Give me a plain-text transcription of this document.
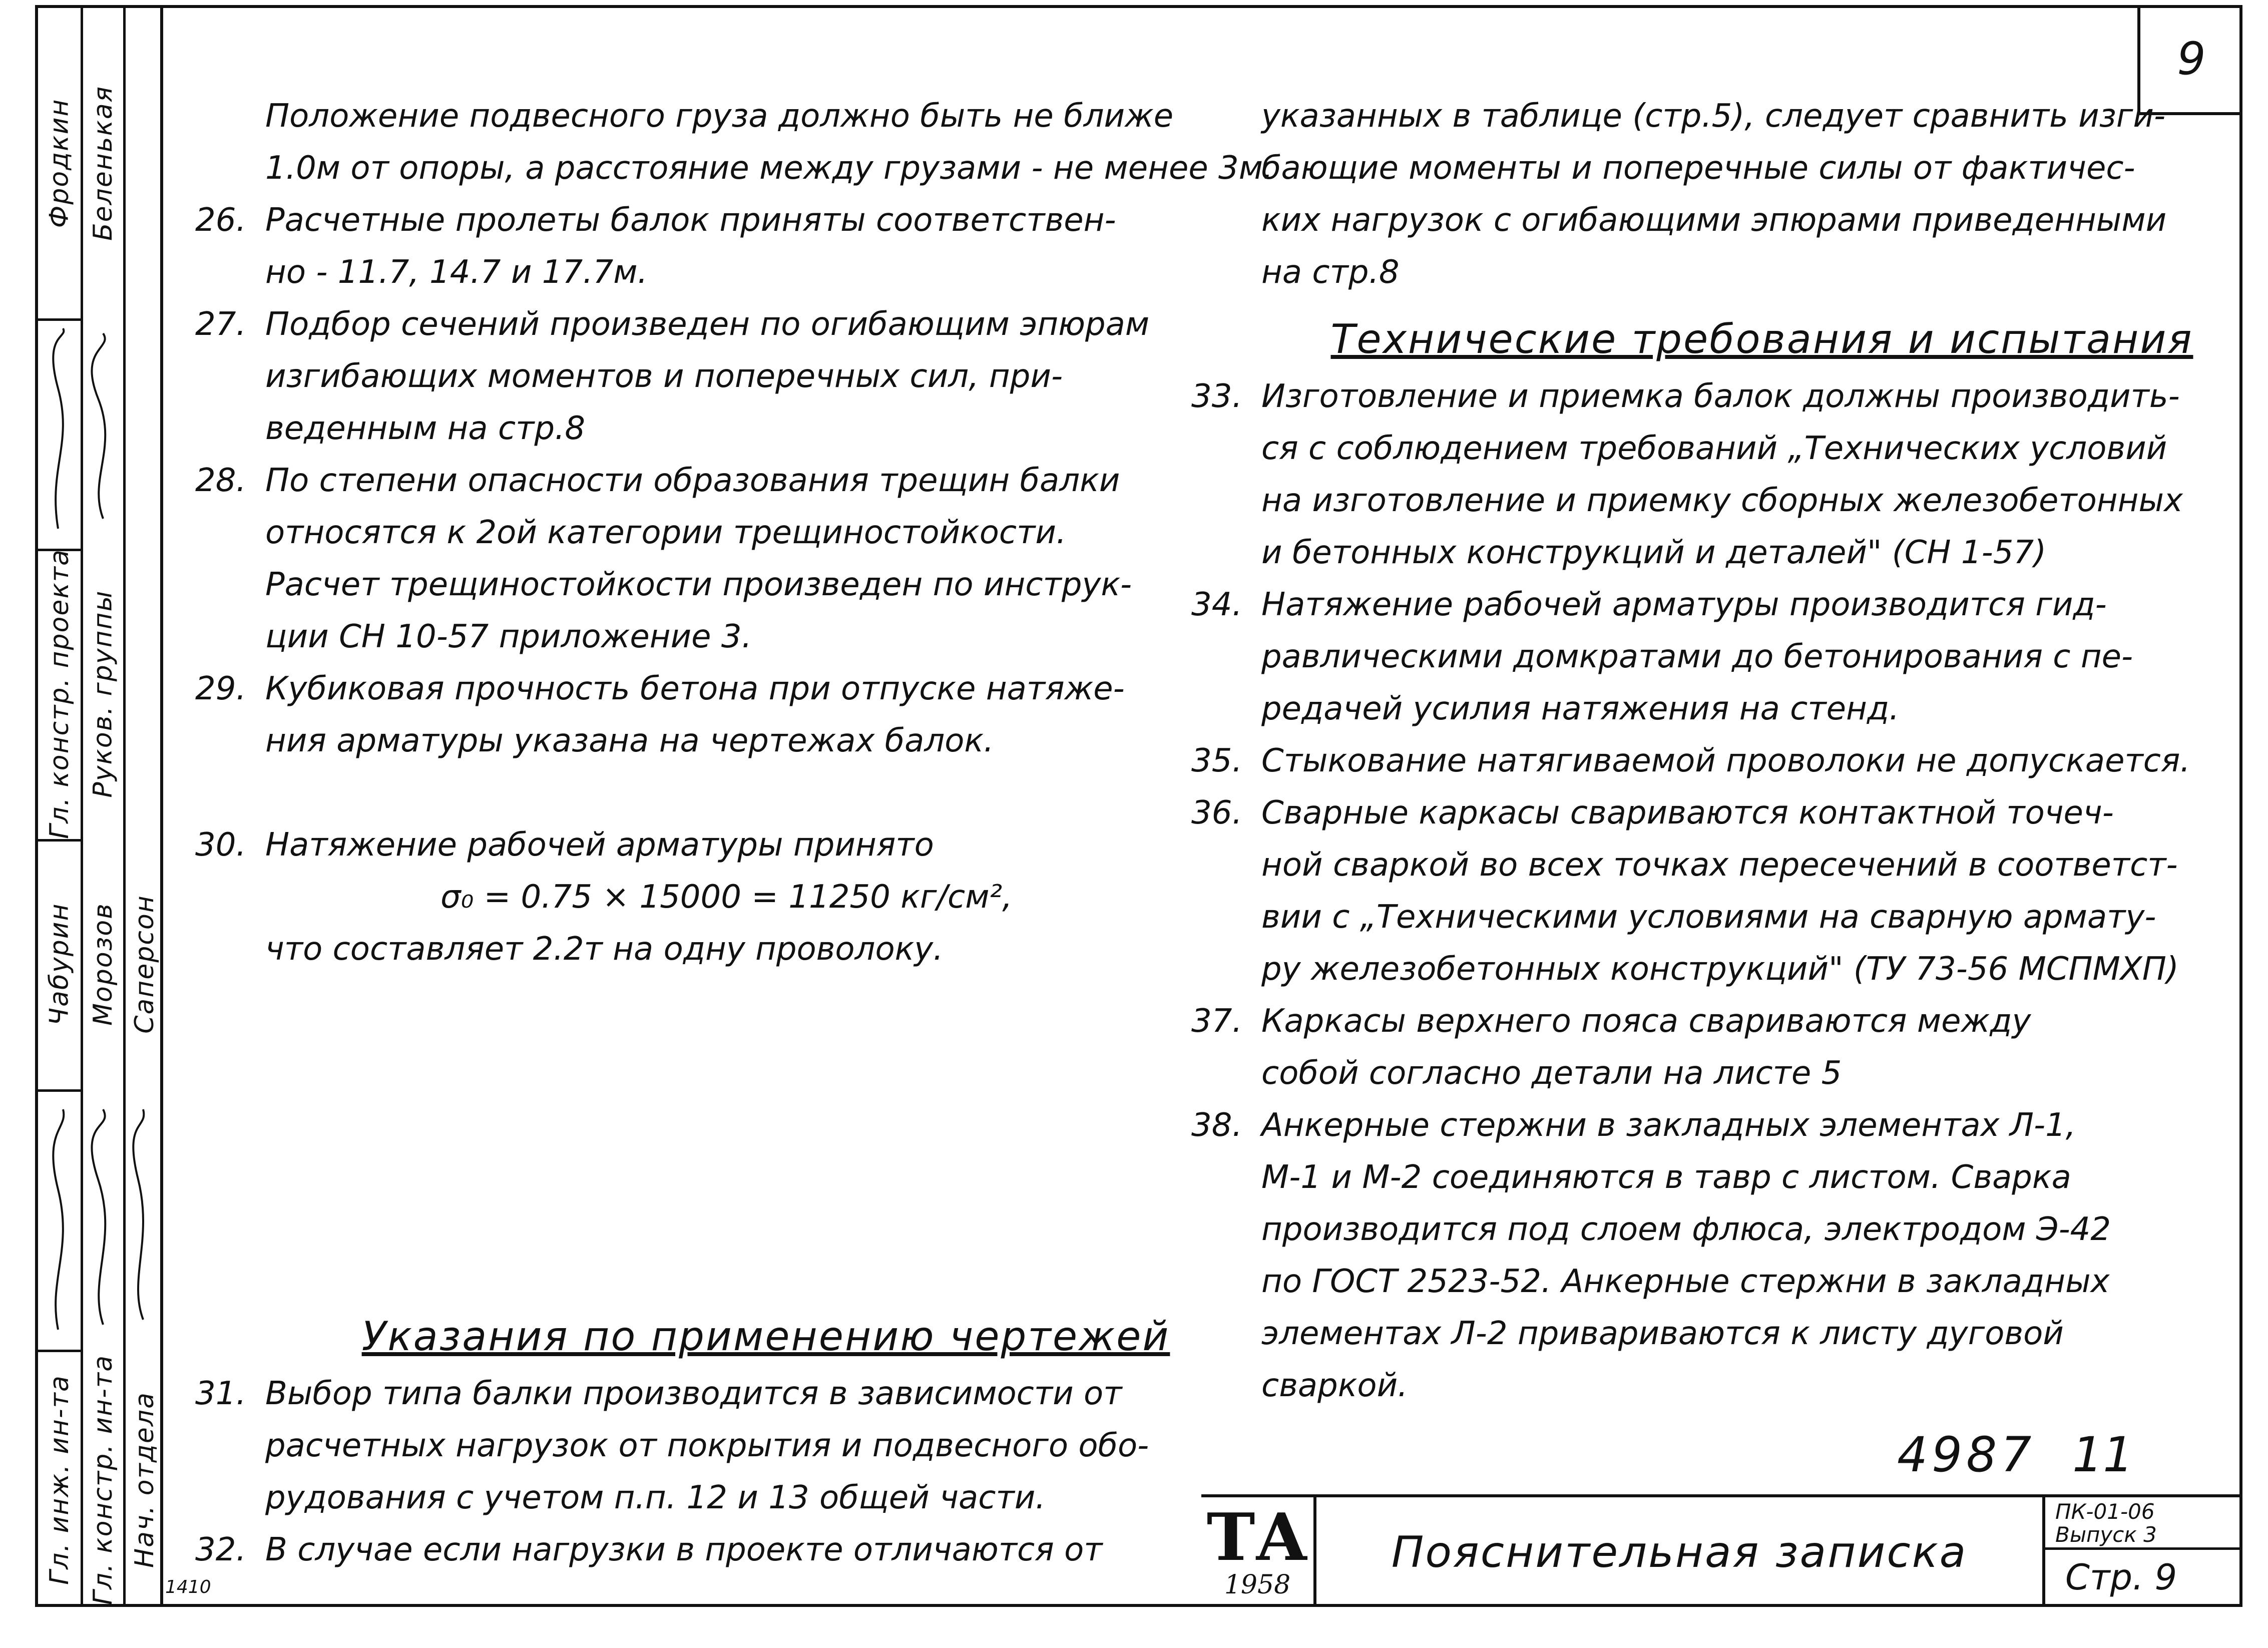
Фродкин
Гл. констр. проекта
Чабурин
Гл. инж. ин-та
Беленькая
Руков. группы
Морозов
Гл. констр. ин-та
Саперсон
Нач. отдела
9
Положение подвесного груза должно быть не ближе
1.0м от опоры, а расстояние между грузами - не менее 3м.
26. Расчетные пролеты балок приняты соответствен-
но - 11.7, 14.7 и 17.7м.
27. Подбор сечений произведен по огибающим эпюрам
изгибающих моментов и поперечных сил, при-
веденным на стр.8
28. По степени опасности образования трещин балки
относятся к 2ой категории трещиностойкости.
Расчет трещиностойкости произведен по инструк-
ции СН 10-57 приложение 3.
29. Кубиковая прочность бетона при отпуске натяже-
ния арматуры указана на чертежах балок.

30. Натяжение рабочей арматуры принято
σ₀ = 0.75 × 15000 = 11250 кг/см²,
что составляет 2.2т на одну проволоку.
Указания по применению чертежей
31. Выбор типа балки производится в зависимости от
расчетных нагрузок от покрытия и подвесного обо-
рудования с учетом п.п. 12 и 13 общей части.
32. В случае если нагрузки в проекте отличаются от
указанных в таблице (стр.5), следует сравнить изги-
бающие моменты и поперечные силы от фактичес-
ких нагрузок с огибающими эпюрами приведенными
на стр.8
Технические требования и испытания
33. Изготовление и приемка балок должны производить-
ся с соблюдением требований „Технических условий
на изготовление и приемку сборных железобетонных
и бетонных конструкций и деталей" (СН 1-57)
34. Натяжение рабочей арматуры производится гид-
равлическими домкратами до бетонирования с пе-
редачей усилия натяжения на стенд.
35. Стыкование натягиваемой проволоки не допускается.
36. Сварные каркасы свариваются контактной точеч-
ной сваркой во всех точках пересечений в соответст-
вии с „Техническими условиями на сварную армату-
ру железобетонных конструкций" (ТУ 73-56 МСПМХП)
37. Каркасы верхнего пояса свариваются между
собой согласно детали на листе 5
38. Анкерные стержни в закладных элементах Л-1,
М-1 и М-2 соединяются в тавр с листом. Сварка
производится под слоем флюса, электродом Э-42
по ГОСТ 2523-52. Анкерные стержни в закладных
элементах Л-2 привариваются к листу дуговой
сваркой.
4987 11
ТА
1958
Пояснительная записка
ПК-01-06
Выпуск 3
Стр. 9
1410
